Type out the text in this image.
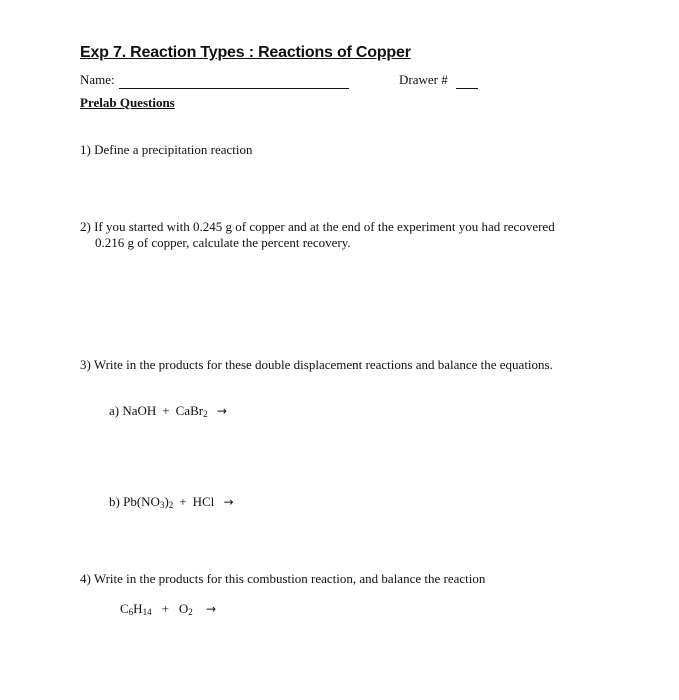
Exp 7. Reaction Types : Reactions of Copper
Name:	Drawer #
Prelab Questions
1) Define a precipitation reaction
2) If you started with 0.245 g of copper and at the end of the experiment you had recovered
0.216 g of copper, calculate the percent recovery.
3) Write in the products for these double displacement reactions and balance the equations.
a) NaOH + CaBr$_2$ →
b) $Pb(NO_3)_2$ + HCl →
4) Write in the products for this combustion reaction, and balance the reaction
$C_6H_{14} + O_2$ →
